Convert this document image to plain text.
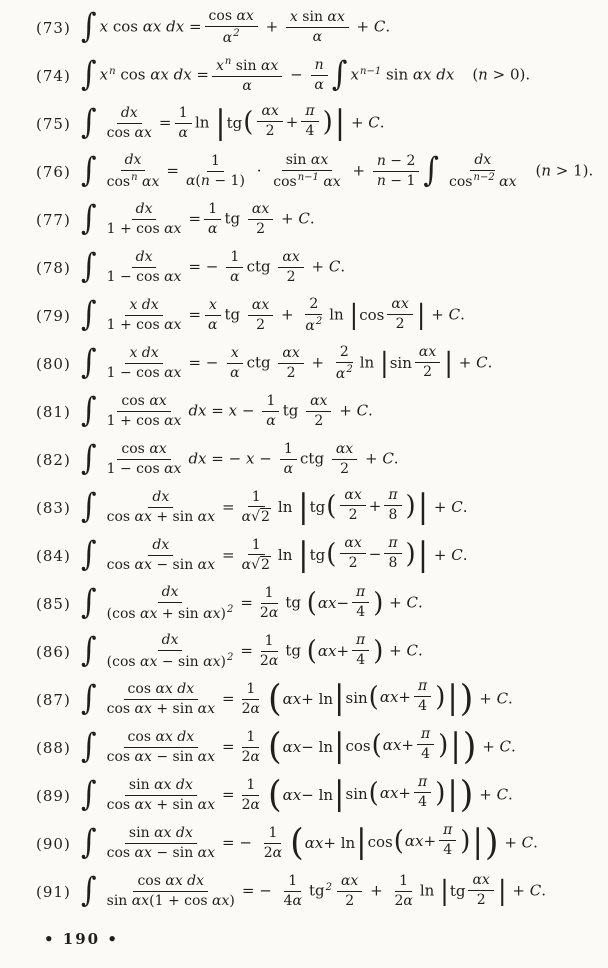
(73) ∫ x cos αx dx = $\frac{\text{cos αx}}{\alpha^2} + \frac{\text{x sin αx}}{\alpha} + C$.
(74) ∫ $x^n$ cos αx dx = $\frac{x^n \sin \alpha x}{\alpha} - \frac{n}{\alpha}$ ∫ $x^{n-1}$ sin αx dx (n > 0).
(75) ∫ $\frac{dx}{\text{cos αx}} = \frac{1}{\alpha}$ ln | tg ( $\frac{\alpha x}{2} + \frac{\pi}{4}$ ) | + C.
(76) ∫ $\frac{dx}{\cos^n \alpha x} = \frac{1}{\alpha(n - 1)} \cdot \frac{\text{sin αx}}{\cos^{n-1} \alpha x} + \frac{n - 2}{n - 1}$ ∫ $\frac{dx}{\cos^{n-2} \alpha x} (n > 1)$.
(77) ∫ $\frac{dx}{\text{1 + cos αx}} = \frac{1}{\alpha}$ tg $\frac{\alpha x}{2} + C$.
(78) ∫ $\frac{dx}{\text{1 − cos αx}}$ = − $\frac{1}{\alpha}$ ctg $\frac{\alpha x}{2} + C$.
(79) ∫ $\frac{\text{x dx}}{\text{1 + cos αx}} = \frac{x}{\alpha}$ tg $\frac{\alpha x}{2} + \frac{2}{\alpha^2}$ ln | $\cos \frac{\alpha x}{2}$ | + C.
(80) ∫ $\frac{\text{x dx}}{\text{1 − cos αx}}$ = − $\frac{x}{\alpha}$ ctg $\frac{\alpha x}{2} + \frac{2}{\alpha^2}$ ln | $\sin \frac{\alpha x}{2}$ | + C.
(81) ∫ $\frac{\text{cos αx}}{\text{1 + cos αx}}$ dx = $x - \frac{1}{\alpha}$ tg $\frac{\alpha x}{2} + C$.
(82) ∫ $\frac{\text{cos αx}}{\text{1 − cos αx}}$ dx = − $x - \frac{1}{\alpha}$ ctg $\frac{\alpha x}{2} + C$.
(83) ∫ $\frac{dx}{\text{cos αx + sin αx}} = \frac{1}{\alpha √ 2}$ ln | tg ( $\frac{\alpha x}{2} + \frac{\pi}{8}$ ) | + C.
(84) ∫ $\frac{dx}{\text{cos αx − sin αx}} = \frac{1}{\alpha √ 2}$ ln | tg ( $\frac{\alpha x}{2} - \frac{\pi}{8}$ ) | + C.
(85) ∫ $\frac{dx}{(\cos \alpha x + \sin \alpha x)^2} = \frac{1}{2\alpha}$ tg ( $\alpha x - \frac{\pi}{4}$ ) + C.
(86) ∫ $\frac{dx}{(\cos \alpha x - \sin \alpha x)^2} = \frac{1}{2\alpha}$ tg ( $\alpha x + \frac{\pi}{4}$ ) + C.
(87) ∫ $\frac{\text{cos αx dx}}{\text{cos αx + sin αx}} = \frac{1}{2\alpha}$ ( αx + ln | sin ( $\alpha x + \frac{\pi}{4}$ ) | ) + C.
(88) ∫ $\frac{\text{cos αx dx}}{\text{cos αx − sin αx}} = \frac{1}{2\alpha}$ ( αx − ln | cos ( $\alpha x + \frac{\pi}{4}$ ) | ) + C.
(89) ∫ $\frac{\text{sin αx dx}}{\text{cos αx + sin αx}} = \frac{1}{2\alpha}$ ( αx − ln | sin ( $\alpha x + \frac{\pi}{4}$ ) | ) + C.
(90) ∫ $\frac{\text{sin αx dx}}{\text{cos αx − sin αx}}$ = − $\frac{1}{2\alpha}$ ( αx + ln | cos ( $\alpha x + \frac{\pi}{4}$ ) | ) + C.
(91) ∫ $\frac{\text{cos αx dx}}{\text{sin αx(1 + cos αx)}}$ = − $\frac{1}{4\alpha} tg^2 \frac{\alpha x}{2} + \frac{1}{2\alpha}$ ln | tg $\frac{\alpha x}{2}$ | + C.
• 190 •
